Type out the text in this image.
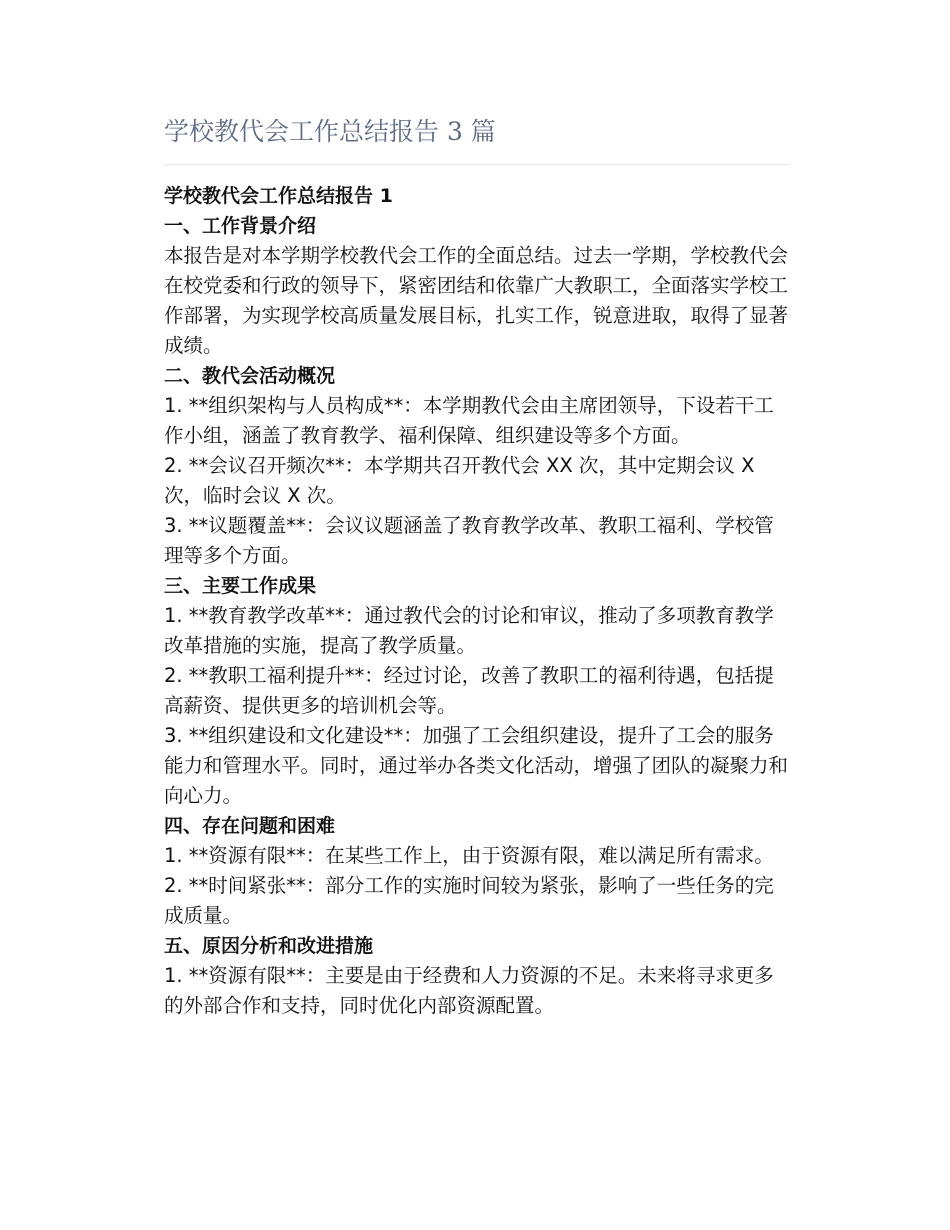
学校教代会工作总结报告 3 篇
学校教代会工作总结报告 1
一、工作背景介绍

本报告是对本学期学校教代会工作的全面总结。过去一学期，学校教代会在校党委和行政的领导下，紧密团结和依靠广大教职工，全面落实学校工作部署，为实现学校高质量发展目标，扎实工作，锐意进取，取得了显著成绩。

二、教代会活动概况

1. **组织架构与人员构成**：本学期教代会由主席团领导，下设若干工作小组，涵盖了教育教学、福利保障、组织建设等多个方面。

2. **会议召开频次**：本学期共召开教代会 XX 次，其中定期会议 X 次，临时会议 X 次。

3. **议题覆盖**：会议议题涵盖了教育教学改革、教职工福利、学校管理等多个方面。

三、主要工作成果

1. **教育教学改革**：通过教代会的讨论和审议，推动了多项教育教学改革措施的实施，提高了教学质量。

2. **教职工福利提升**：经过讨论，改善了教职工的福利待遇，包括提高薪资、提供更多的培训机会等。

3. **组织建设和文化建设**：加强了工会组织建设，提升了工会的服务能力和管理水平。同时，通过举办各类文化活动，增强了团队的凝聚力和向心力。

四、存在问题和困难

1. **资源有限**：在某些工作上，由于资源有限，难以满足所有需求。

2. **时间紧张**：部分工作的实施时间较为紧张，影响了一些任务的完成质量。

五、原因分析和改进措施

1. **资源有限**：主要是由于经费和人力资源的不足。未来将寻求更多的外部合作和支持，同时优化内部资源配置。
